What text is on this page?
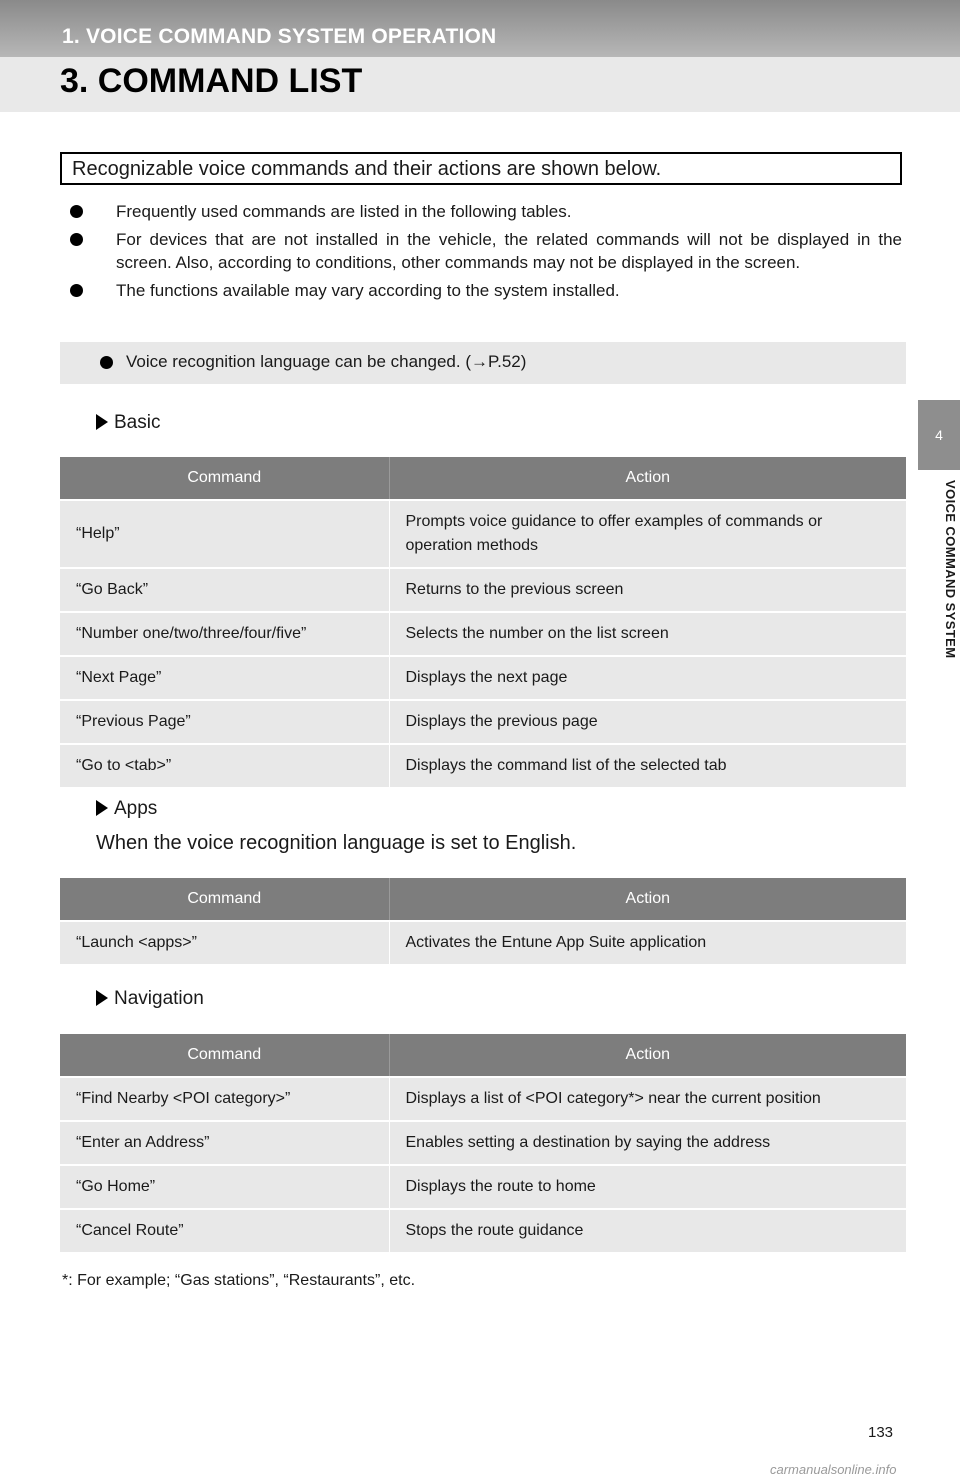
1. VOICE COMMAND SYSTEM OPERATION
3. COMMAND LIST
4
VOICE COMMAND SYSTEM
Recognizable voice commands and their actions are shown below.
Frequently used commands are listed in the following tables.
For devices that are not installed in the vehicle, the related commands will not be displayed in the screen. Also, according to conditions, other commands may not be displayed in the screen.
The functions available may vary according to the system installed.
Voice recognition language can be changed. (→P.52)
Basic
Command	Action
“Help”	Prompts voice guidance to offer examples of commands or operation methods
“Go Back”	Returns to the previous screen
“Number one/two/three/four/five”	Selects the number on the list screen
“Next Page”	Displays the next page
“Previous Page”	Displays the previous page
“Go to <tab>”	Displays the command list of the selected tab
Apps
When the voice recognition language is set to English.
Command	Action
“Launch <apps>”	Activates the Entune App Suite application
Navigation
Command	Action
“Find Nearby <POI category>”	Displays a list of <POI category*> near the current position
“Enter an Address”	Enables setting a destination by saying the address
“Go Home”	Displays the route to home
“Cancel Route”	Stops the route guidance
*: For example; “Gas stations”, “Restaurants”, etc.
133
carmanualsonline.info
